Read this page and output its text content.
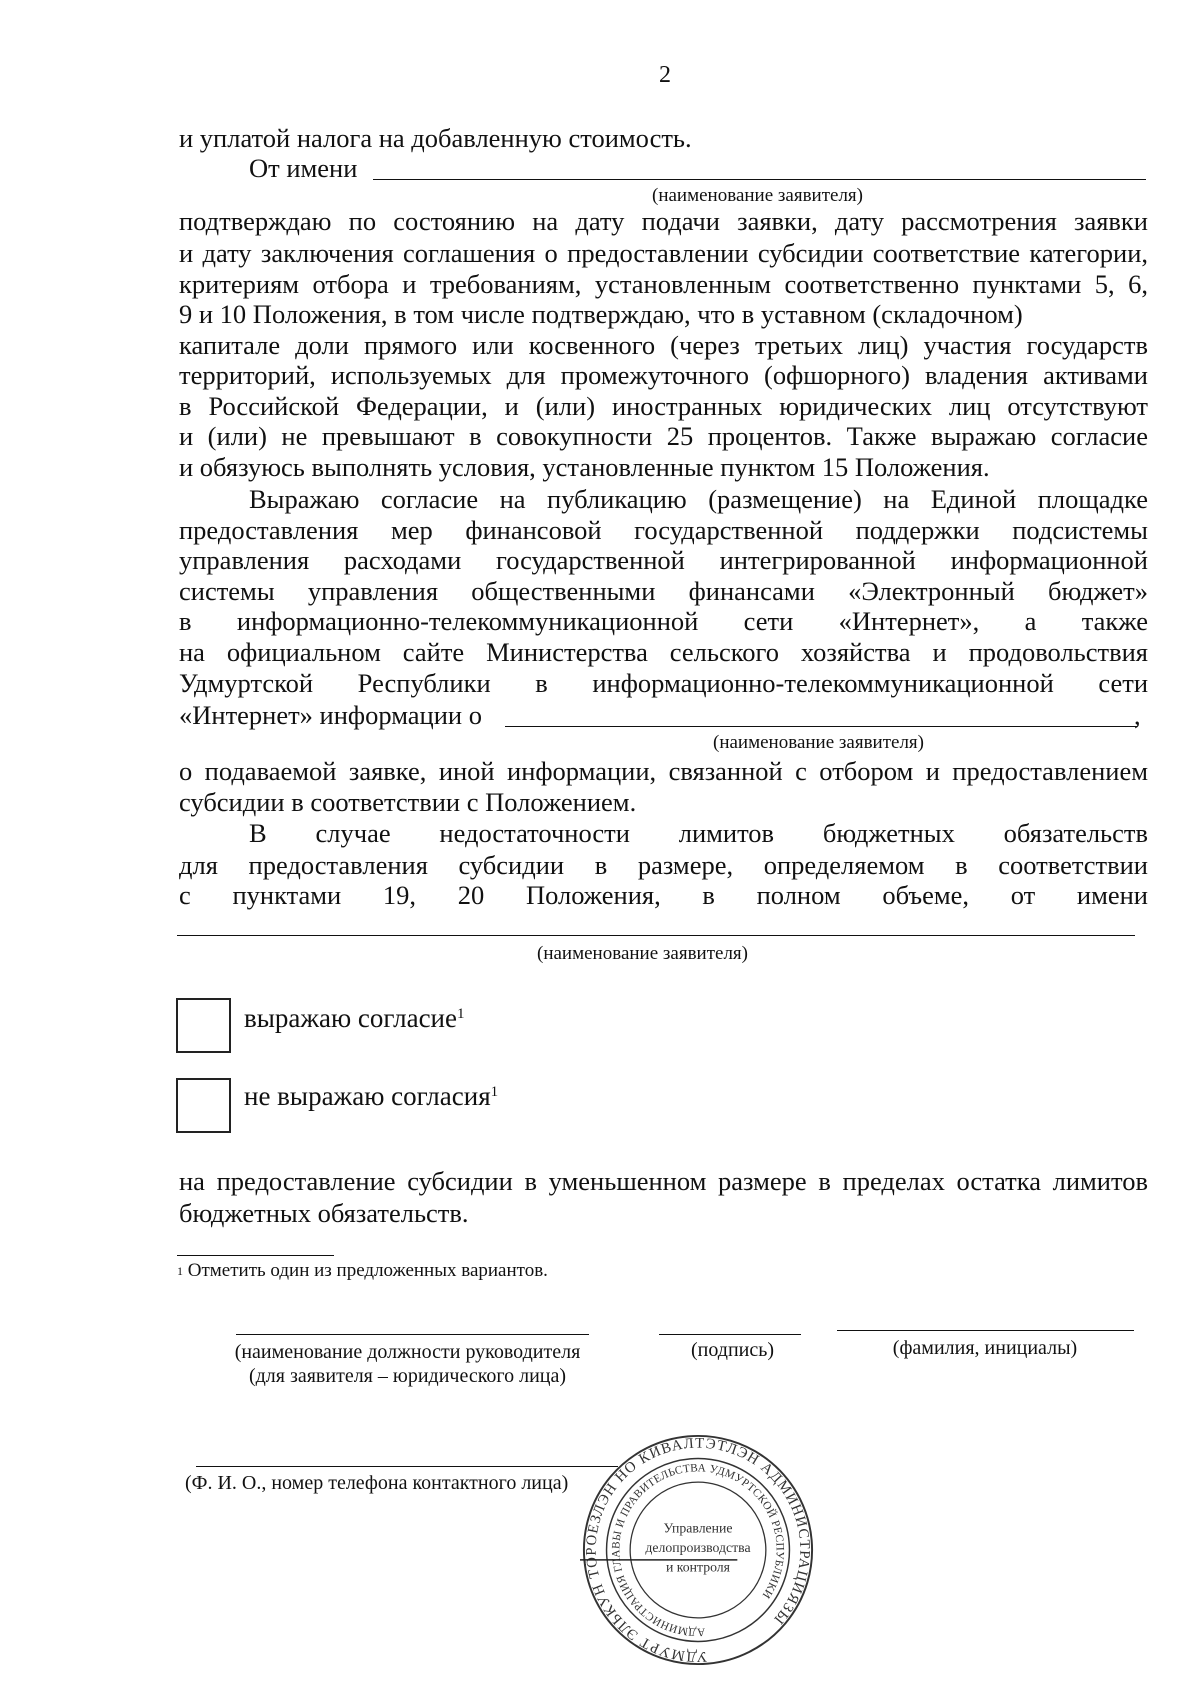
2
и уплатой налога на добавленную стоимость.
От имени
(наименование заявителя)
подтверждаю по состоянию на дату подачи заявки, дату рассмотрения заявки
и дату заключения соглашения о предоставлении субсидии соответствие категории,
критериям отбора и требованиям, установленным соответственно пунктами 5, 6,
9 и 10 Положения, в том числе подтверждаю, что в уставном (складочном)
капитале доли прямого или косвенного (через третьих лиц) участия государств
территорий, используемых для промежуточного (офшорного) владения активами
в Российской Федерации, и (или) иностранных юридических лиц отсутствуют
и (или) не превышают в совокупности 25 процентов. Также выражаю согласие
и обязуюсь выполнять условия, установленные пунктом 15 Положения.
Выражаю согласие на публикацию (размещение) на Единой площадке
предоставления мер финансовой государственной поддержки подсистемы
управления расходами государственной интегрированной информационной
системы управления общественными финансами «Электронный бюджет»
в информационно-телекоммуникационной сети «Интернет», а также
на официальном сайте Министерства сельского хозяйства и продовольствия
Удмуртской Республики в информационно-телекоммуникационной сети
«Интернет» информации о	,
(наименование заявителя)
о подаваемой заявке, иной информации, связанной с отбором и предоставлением
субсидии в соответствии с Положением.
В случае недостаточности лимитов бюджетных обязательств
для предоставления субсидии в размере, определяемом в соответствии
с пунктами 19, 20 Положения, в полном объеме, от имени
(наименование заявителя)
выражаю согласие$^1$
не выражаю согласия$^1$
на предоставление субсидии в уменьшенном размере в пределах остатка лимитов
бюджетных обязательств.
$^1$ Отметить один из предложенных вариантов.
(наименование должности руководителя
(для заявителя – юридического лица)
(подпись)	(фамилия, инициалы)
(Ф. И. О., номер телефона контактного лица)
УДМУРТ ЭЛЬКУН ТӦРОЕЗЛЭН НО КИВАЛТЭТЛЭН АДМИНИСТРАЦИЯЗЫ
АДМИНИСТРАЦИЯ ГЛАВЫ И ПРАВИТЕЛЬСТВА УДМУРТСКОЙ РЕСПУБЛИКИ
Управление
делопроизводства
и контроля
